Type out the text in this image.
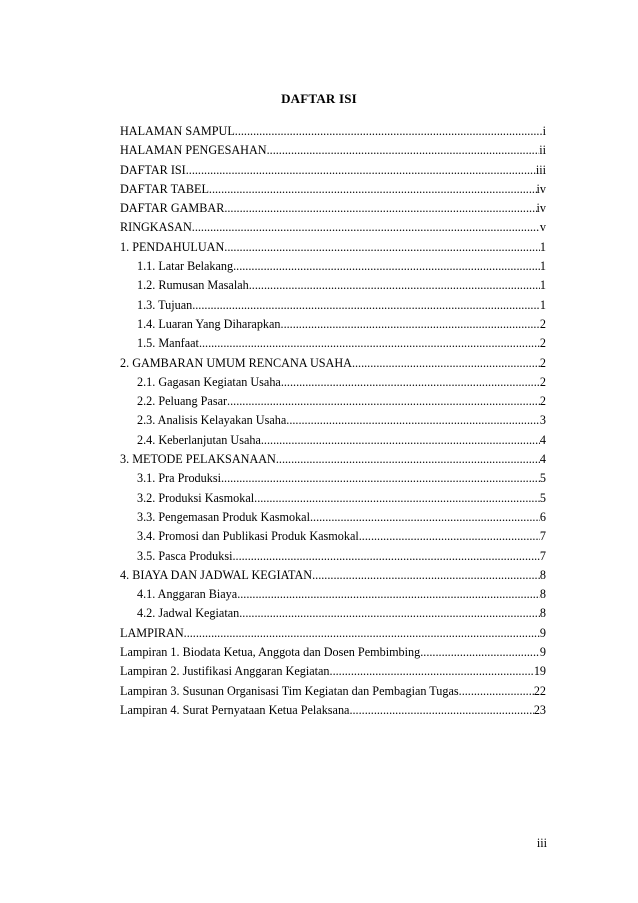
DAFTAR ISI
HALAMAN SAMPUL .....	i
HALAMAN PENGESAHAN .....	ii
DAFTAR ISI .....	iii
DAFTAR TABEL .....	iv
DAFTAR GAMBAR .....	iv
RINGKASAN .....	v
1. PENDAHULUAN .....	1
1.1. Latar Belakang .....	1
1.2. Rumusan Masalah .....	1
1.3. Tujuan .....	1
1.4. Luaran Yang Diharapkan .....	2
1.5. Manfaat .....	2
2. GAMBARAN UMUM RENCANA USAHA .....	2
2.1. Gagasan Kegiatan Usaha .....	2
2.2. Peluang Pasar .....	2
2.3. Analisis Kelayakan Usaha .....	3
2.4. Keberlanjutan Usaha .....	4
3. METODE PELAKSANAAN .....	4
3.1. Pra Produksi .....	5
3.2. Produksi Kasmokal .....	5
3.3. Pengemasan Produk Kasmokal .....	6
3.4. Promosi dan Publikasi Produk Kasmokal .....	7
3.5. Pasca Produksi .....	7
4. BIAYA DAN JADWAL KEGIATAN .....	8
4.1. Anggaran Biaya .....	8
4.2. Jadwal Kegiatan .....	8
LAMPIRAN .....	9
Lampiran 1. Biodata Ketua, Anggota dan Dosen Pembimbing .....	9
Lampiran 2. Justifikasi Anggaran Kegiatan .....	19
Lampiran 3. Susunan Organisasi Tim Kegiatan dan Pembagian Tugas .....	22
Lampiran 4. Surat Pernyataan Ketua Pelaksana .....	23
iii
